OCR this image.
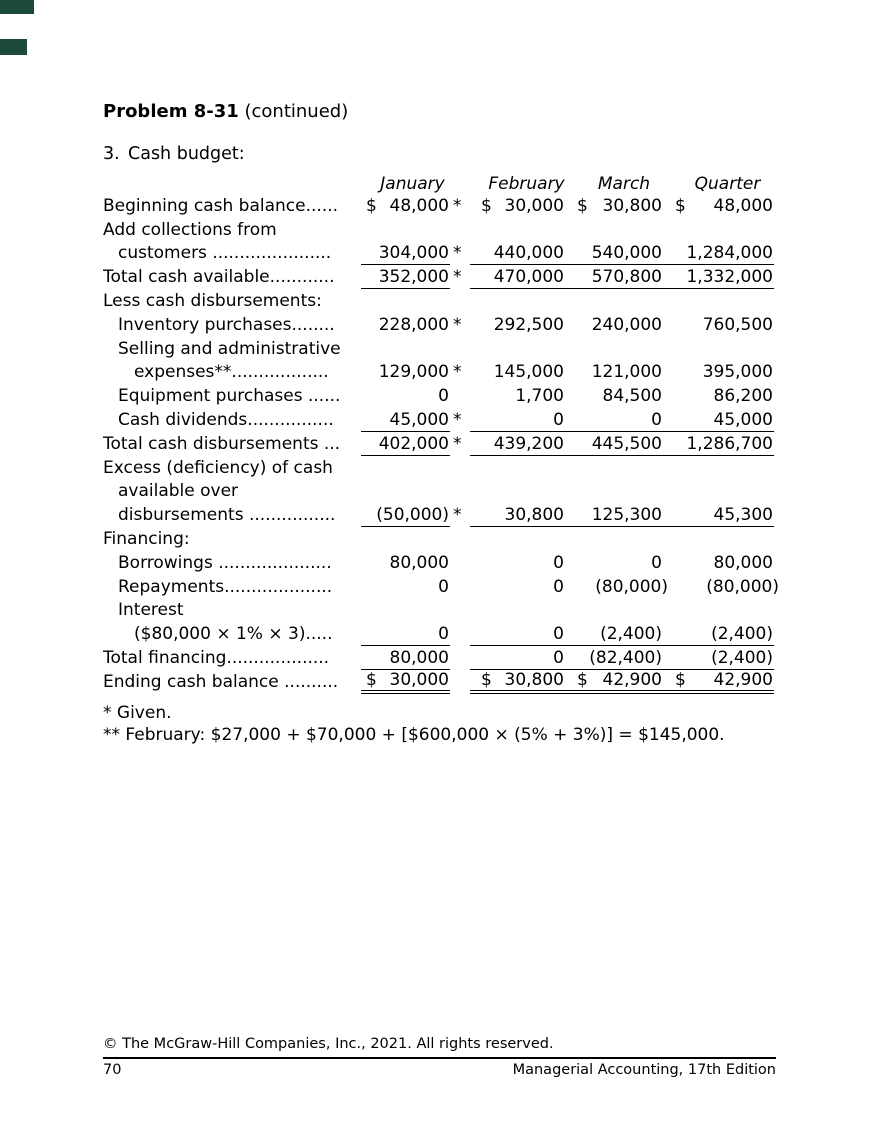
Problem 8-31 (continued)
3. Cash budget:
January	February	March	Quarter
Beginning cash balance......	$ 48,000 *	$ 30,000 $ 30,800 $ 48,000
Add collections from
customers ......................	304,000 *	440,000 540,000 1,284,000
Total cash available............	352,000 *	470,000 570,800 1,332,000
Less cash disbursements:
Inventory purchases........	228,000 *	292,500 240,000 760,500
Selling and administrative
expenses**..................	129,000 *	145,000 121,000 395,000
Equipment purchases ......	0	1,700 84,500	86,200
Cash dividends................	45,000 *	0	0	45,000
Total cash disbursements ...	402,000 *	439,200 445,500 1,286,700
Excess (deficiency) of cash
available over
disbursements ................	(50,000) *	30,800 125,300	45,300
Financing:
Borrowings .....................	80,000	0	0	80,000
Repayments....................	0	0 (80,000) (80,000)
Interest
($80,000 × 1% × 3).....	0	0 (2,400)	(2,400)
Total financing...................	80,000	0 (82,400)	(2,400)
Ending cash balance ..........	$ 30,000	$ 30,800 $ 42,900 $ 42,900
* Given.
** February: $27,000 + $70,000 + [$600,000 × (5% + 3%)] = $145,000.
© The McGraw-Hill Companies, Inc., 2021. All rights reserved.
70	Managerial Accounting, 17th Edition
